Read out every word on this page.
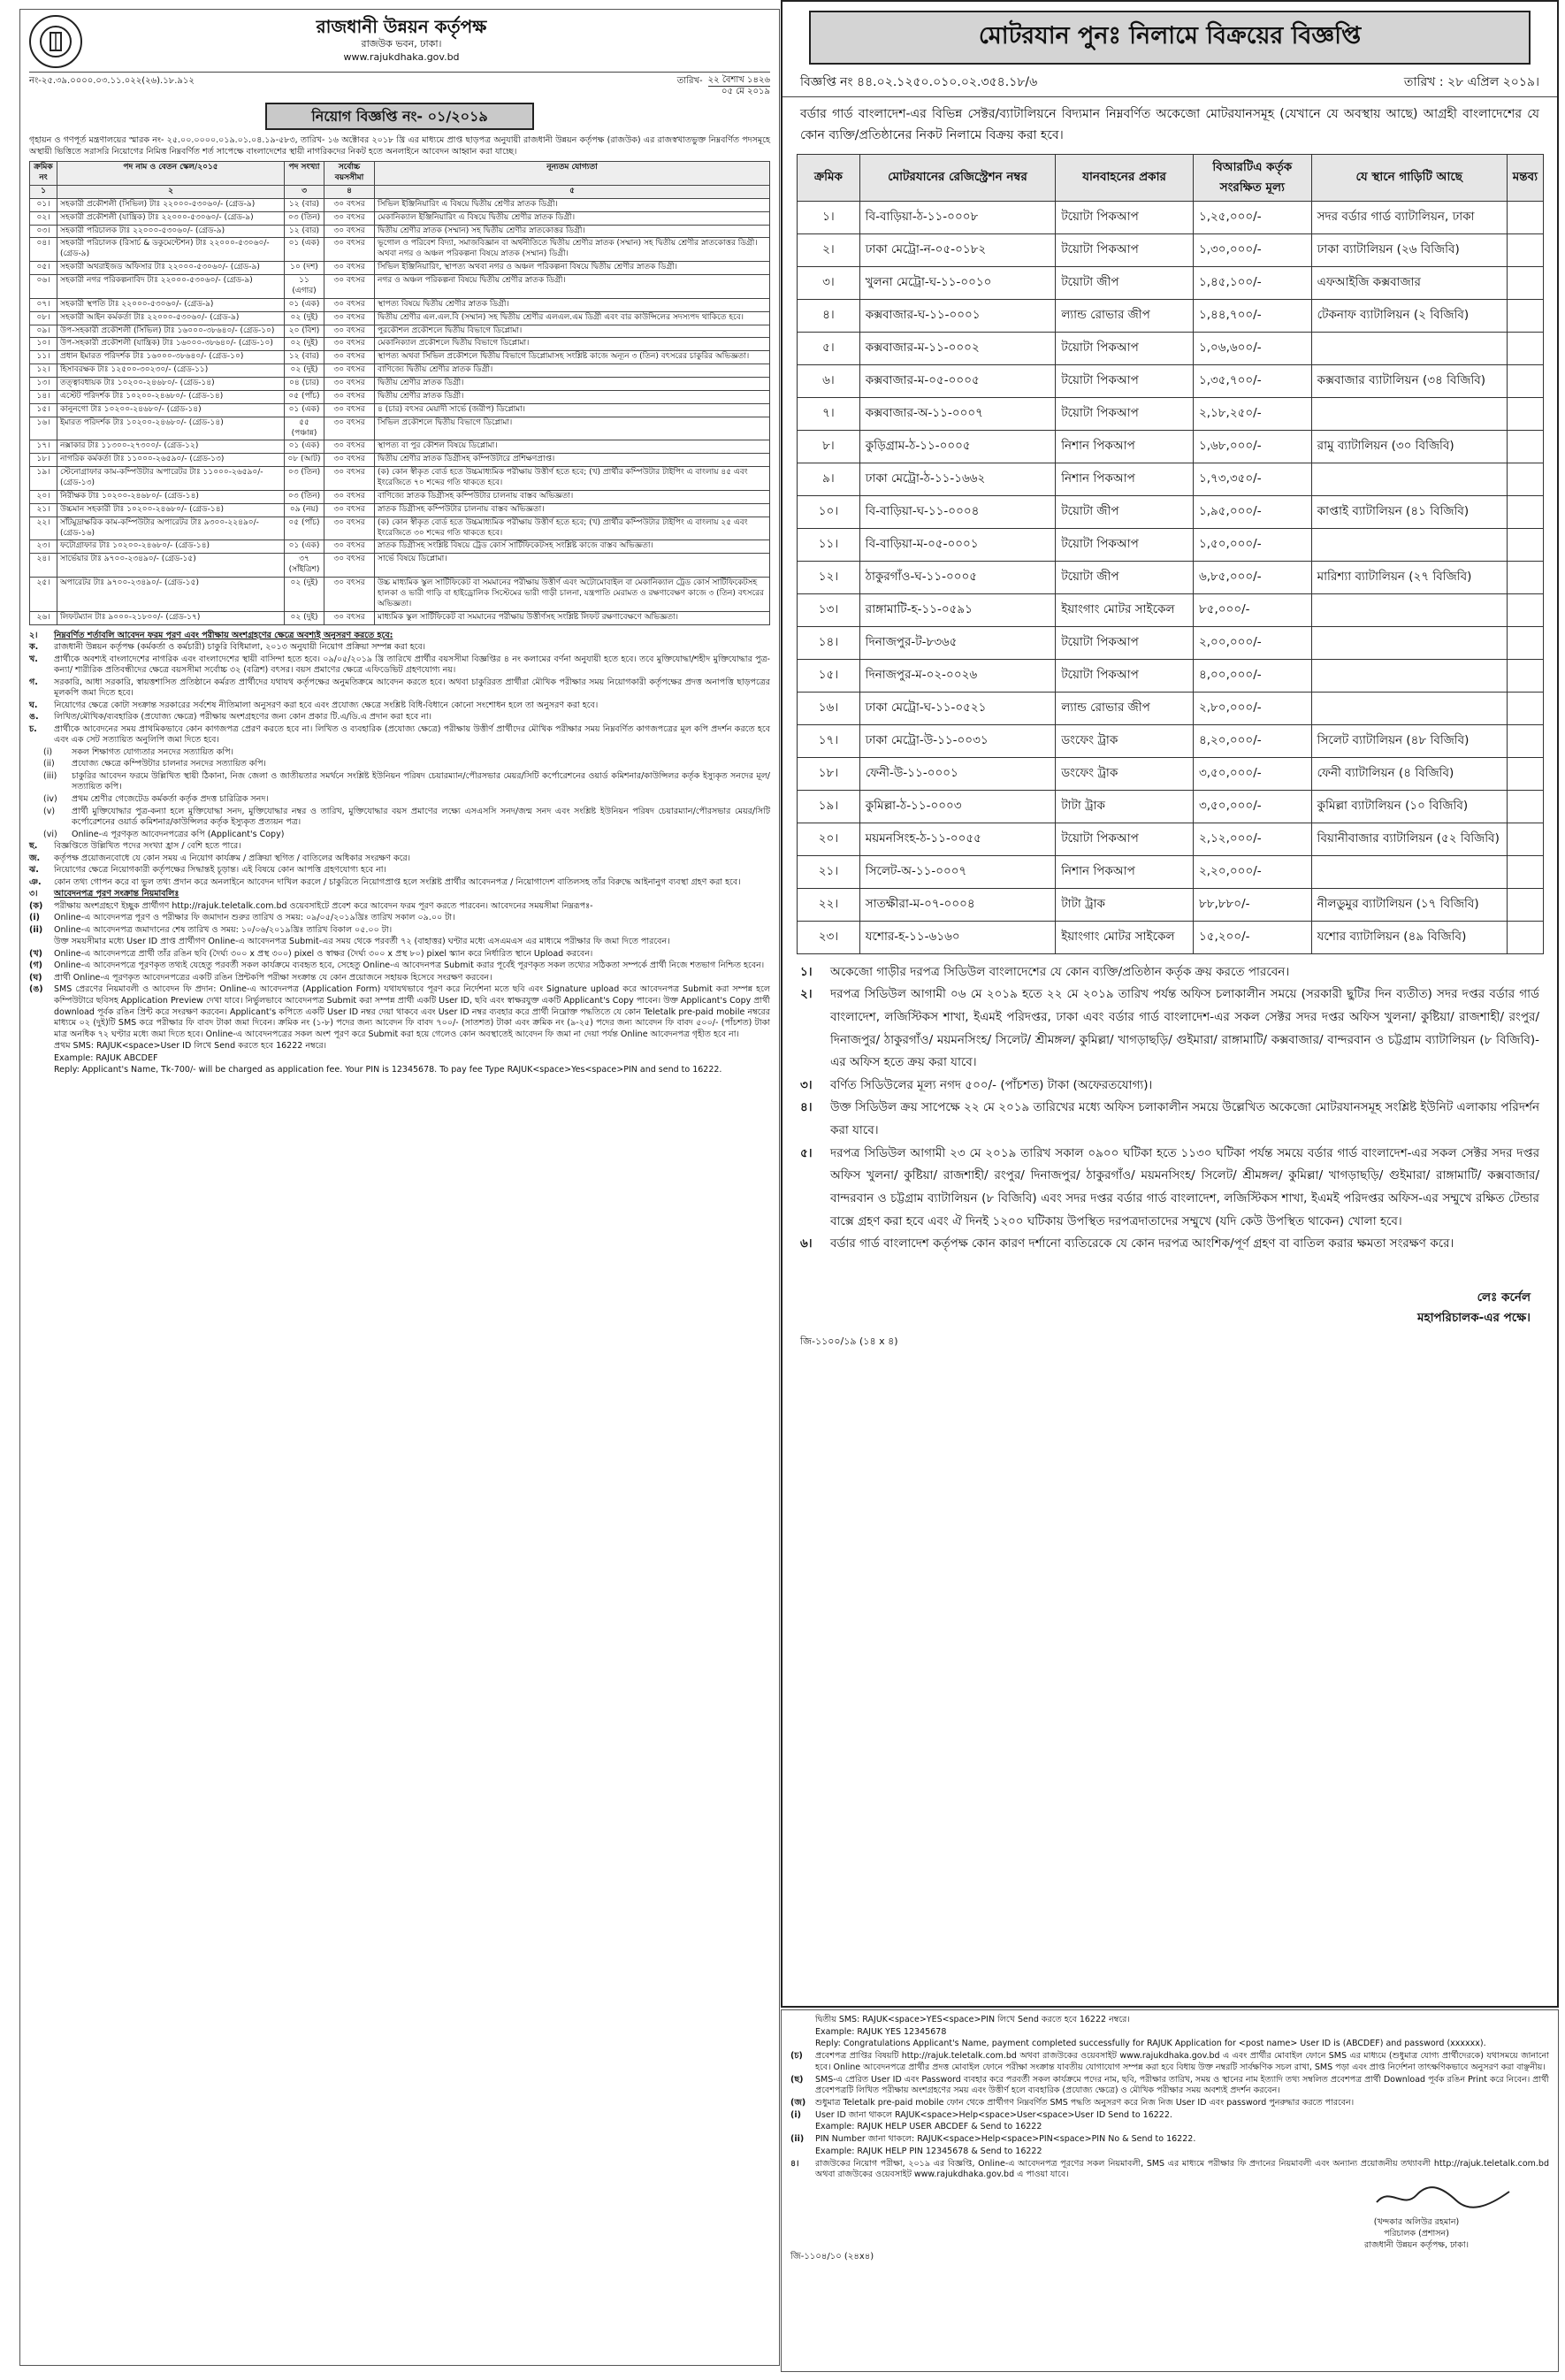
রাজধানী উন্নয়ন কর্তৃপক্ষ
রাজউক ভবন, ঢাকা।
www.rajukdhaka.gov.bd
নং-২৫.৩৯.০০০০.০৩.১১.০২২(২৬).১৮.৯১২	তারিখ- ২২ বৈশাখ ১৪২৬
০৫ মে ২০১৯
নিয়োগ বিজ্ঞপ্তি নং- ০১/২০১৯
গৃহায়ন ও গণপূর্ত মন্ত্রণালয়ের স্মারক নং- ২৫.০০.০০০০.০১৯.০১.০৪.১৯-৫৮৩, তারিখ- ১৬ অক্টোবর ২০১৮ খ্রি এর মাধ্যমে প্রাপ্ত ছাড়পত্র অনুযায়ী রাজধানী উন্নয়ন কর্তৃপক্ষ (রাজউক) এর রাজস্বখাতভুক্ত নিম্নবর্ণিত পদসমূহে অস্থায়ী ভিত্তিতে সরাসরি নিয়োগের নিমিত্ত নিম্নবর্ণিত শর্ত সাপেক্ষে বাংলাদেশের স্থায়ী নাগরিকদের নিকট হতে অনলাইনে আবেদন আহ্বান করা যাচ্ছে।
ক্রমিক নং	পদ নাম ও বেতন স্কেল/২০১৫	পদ সংখ্যা	সর্বোচ্চ বয়সসীমা	নূন্যতম যোগ্যতা
১	২	৩	৪	৫
০১।	সহকারী প্রকৌশলী (সিভিল) টাঃ ২২০০০-৫৩০৬০/- (গ্রেড-৯)	১২ (বার)	৩০ বৎসর	সিভিল ইঞ্জিনিয়ারিং এ বিষয়ে দ্বিতীয় শ্রেণীর স্নাতক ডিগ্রী।
০২।	সহকারী প্রকৌশলী (যান্ত্রিক) টাঃ ২২০০০-৫৩০৬০/- (গ্রেড-৯)	০৩ (তিন)	৩০ বৎসর	মেকানিক্যাল ইঞ্জিনিয়ারিং এ বিষয়ে দ্বিতীয় শ্রেণীর স্নাতক ডিগ্রী।
০৩।	সহকারী পরিচালক টাঃ ২২০০০-৫৩০৬০/- (গ্রেড-৯)	১২ (বার)	৩০ বৎসর	দ্বিতীয় শ্রেণীর স্নাতক (সম্মান) সহ দ্বিতীয় শ্রেণীর স্নাতকোত্তর ডিগ্রী।
০৪।	সহকারী পরিচালক (রিসার্চ & ডকুমেন্টেশন) টাঃ ২২০০০-৫৩০৬০/- (গ্রেড-৯)	০১ (এক)	৩০ বৎসর	ভূগোল ও পরিবেশ বিদ্যা, সমাজবিজ্ঞান বা অর্থনীতিতে দ্বিতীয় শ্রেণীর স্নাতক (সম্মান) সহ দ্বিতীয় শ্রেণীর স্নাতকোত্তর ডিগ্রী। অথবা নগর ও অঞ্চল পরিকল্পনা বিষয়ে স্নাতক (সম্মান) ডিগ্রী।
০৫।	সহকারী অথরাইজড অফিসার টাঃ ২২০০০-৫৩০৬০/- (গ্রেড-৯)	১০ (দশ)	৩০ বৎসর	সিভিল ইঞ্জিনিয়ারিং, স্থাপত্য অথবা নগর ও অঞ্চল পরিকল্পনা বিষয়ে দ্বিতীয় শ্রেণীর স্নাতক ডিগ্রী।
০৬।	সহকারী নগর পরিকল্পনাবিদ টাঃ ২২০০০-৫৩০৬০/- (গ্রেড-৯)	১১ (এগার)	৩০ বৎসর	নগর ও অঞ্চল পরিকল্পনা বিষয়ে দ্বিতীয় শ্রেণীর স্নাতক ডিগ্রী।
০৭।	সহকারী স্থপতি টাঃ ২২০০০-৫৩০৬০/- (গ্রেড-৯)	০১ (এক)	৩০ বৎসর	স্থাপত্য বিষয়ে দ্বিতীয় শ্রেণীর স্নাতক ডিগ্রী।
০৮।	সহকারী আইন কর্মকর্তা টাঃ ২২০০০-৫৩০৬০/- (গ্রেড-৯)	০২ (দুই)	৩০ বৎসর	দ্বিতীয় শ্রেণীর এল.এল.বি (সম্মান) সহ দ্বিতীয় শ্রেণীর এলএল.এম ডিগ্রী এবং বার কাউন্সিলের সদস্যপদ থাকিতে হবে।
০৯।	উপ-সহকারী প্রকৌশলী (সিভিল) টাঃ ১৬০০০-৩৮৬৪০/- (গ্রেড-১০)	২০ (বিশ)	৩০ বৎসর	পুরকৌশল প্রকৌশলে দ্বিতীয় বিভাগে ডিপ্লোমা।
১০।	উপ-সহকারী প্রকৌশলী (যান্ত্রিক) টাঃ ১৬০০০-৩৮৬৪০/- (গ্রেড-১০)	০২ (দুই)	৩০ বৎসর	মেকানিক্যাল প্রকৌশলে দ্বিতীয় বিভাগে ডিপ্লোমা।
১১।	প্রধান ইমারত পরিদর্শক টাঃ ১৬০০০-৩৮৬৪০/- (গ্রেড-১০)	১২ (বার)	৩০ বৎসর	স্থাপত্য অথবা সিভিল প্রকৌশলে দ্বিতীয় বিভাগে ডিপ্লোমাসহ সংশ্লিষ্ট কাজে অন্যূন ৩ (তিন) বৎসরের চাকুরির অভিজ্ঞতা।
১২।	হিসাবরক্ষক টাঃ ১২৫০০-৩০২৩০/- (গ্রেড-১১)	০২ (দুই)	৩০ বৎসর	বাণিজ্যে দ্বিতীয় শ্রেণীর স্নাতক ডিগ্রী।
১৩।	তত্ত্বাবধায়ক টাঃ ১০২০০-২৪৬৮০/- (গ্রেড-১৪)	০৪ (চার)	৩০ বৎসর	দ্বিতীয় শ্রেণীর স্নাতক ডিগ্রী।
১৪।	এস্টেট পরিদর্শক টাঃ ১০২০০-২৪৬৮০/- (গ্রেড-১৪)	০৫ (পাঁচ)	৩০ বৎসর	দ্বিতীয় শ্রেণীর স্নাতক ডিগ্রী।
১৫।	কানুনগো টাঃ ১০২০০-২৪৬৮০/- (গ্রেড-১৪)	০১ (এক)	৩০ বৎসর	৪ (চার) বৎসর মেয়াদী সার্ভে (জরীপ) ডিপ্লোমা।
১৬।	ইমারত পরিদর্শক টাঃ ১০২০০-২৪৬৮০/- (গ্রেড-১৪)	৫৫ (পঞ্চান্ন)	৩০ বৎসর	সিভিল প্রকৌশলে দ্বিতীয় বিভাগে ডিপ্লোমা।
১৭।	নক্সাকার টাঃ ১১৩০০-২৭৩০০/- (গ্রেড-১২)	০১ (এক)	৩০ বৎসর	স্থাপত্য বা পুর কৌশল বিষয়ে ডিপ্লোমা।
১৮।	নাগরিক কর্মকর্তা টাঃ ১১০০০-২৬৫৯০/- (গ্রেড-১৩)	০৮ (আট)	৩০ বৎসর	দ্বিতীয় শ্রেণীর স্নাতক ডিগ্রীসহ কম্পিউটারে প্রশিক্ষণপ্রাপ্ত।
১৯।	স্টেনোগ্রাফার কাম-কম্পিউটার অপারেটর টাঃ ১১০০০-২৬৫৯০/- (গ্রেড-১৩)	০৩ (তিন)	৩০ বৎসর	(ক) কোন স্বীকৃত বোর্ড হতে উচ্চমাধ্যমিক পরীক্ষায় উত্তীর্ণ হতে হবে; (খ) প্রার্থীর কম্পিউটার টাইপিং এ বাংলায় ৪৫ এবং ইংরেজিতে ৭০ শব্দের গতি থাকতে হবে।
২০।	নিরীক্ষক টাঃ ১০২০০-২৪৬৮০/- (গ্রেড-১৪)	০৩ (তিন)	৩০ বৎসর	বাণিজ্যে স্নাতক ডিগ্রীসহ কম্পিউটার চালনায় বাস্তব অভিজ্ঞতা।
২১।	উচ্চমান সহকারী টাঃ ১০২০০-২৪৬৮০/- (গ্রেড-১৪)	০৯ (নয়)	৩০ বৎসর	স্নাতক ডিগ্রীসহ কম্পিউটার চালনায় বাস্তব অভিজ্ঞতা।
২২।	সাঁটমুদ্রাক্ষরিক কাম-কম্পিউটার অপারেটর টাঃ ৯৩০০-২২৪৯০/- (গ্রেড-১৬)	০৫ (পাঁচ)	৩০ বৎসর	(ক) কোন স্বীকৃত বোর্ড হতে উচ্চমাধ্যমিক পরীক্ষায় উত্তীর্ণ হতে হবে; (খ) প্রার্থীর কম্পিউটার টাইপিং এ বাংলায় ২৫ এবং ইংরেজিতে ৩০ শব্দের গতি থাকতে হবে।
২৩।	ফটোগ্রাফার টাঃ ১০২০০-২৪৬৮০/- (গ্রেড-১৪)	০১ (এক)	৩০ বৎসর	স্নাতক ডিগ্রীসহ সংশ্লিষ্ট বিষয়ে ট্রেড কোর্স সার্টিফিকেটসহ সংশ্লিষ্ট কাজে বাস্তব অভিজ্ঞতা।
২৪।	সার্ভেয়ার টাঃ ৯৭০০-২৩৪৯০/- (গ্রেড-১৫)	৩৭ (সাঁইত্রিশ)	৩০ বৎসর	সার্ভে বিষয়ে ডিপ্লোমা।
২৫।	অপারেটর টাঃ ৯৭০০-২৩৪৯০/- (গ্রেড-১৫)	০২ (দুই)	৩০ বৎসর	উচ্চ মাধ্যমিক স্কুল সার্টিফিকেট বা সমমানের পরীক্ষায় উত্তীর্ণ এবং অটোমোবাইল বা মেকানিক্যাল ট্রেড কোর্স সার্টিফিকেটসহ হালকা ও ভারী গাড়ি বা হাইড্রোলিক সিস্টেমের ভারী গাড়ী চালনা, যন্ত্রপাতি মেরামত ও রক্ষণাবেক্ষণ কাজে ৩ (তিন) বৎসরের অভিজ্ঞতা।
২৬।	লিফটম্যান টাঃ ৯০০০-২১৮০০/- (গ্রেড-১৭)	০২ (দুই)	৩০ বৎসর	মাধ্যমিক স্কুল সার্টিফিকেট বা সমমানের পরীক্ষায় উত্তীর্ণসহ সংশ্লিষ্ট লিফট রক্ষণাবেক্ষণে অভিজ্ঞতা।
২।	নিম্নবর্ণিত শর্তাবলি আবেদন ফরম পূরণ এবং পরীক্ষায় অংশগ্রহণের ক্ষেত্রে অবশ্যই অনুসরণ করতে হবে:
ক.	রাজধানী উন্নয়ন কর্তৃপক্ষ (কর্মকর্তা ও কর্মচারী) চাকুরি বিধিমালা, ২০১৩ অনুযায়ী নিয়োগ প্রক্রিয়া সম্পন্ন করা হবে।
খ.	প্রার্থীকে অবশ্যই বাংলাদেশের নাগরিক এবং বাংলাদেশের স্থায়ী বাসিন্দা হতে হবে। ০৯/০৫/২০১৯ খ্রি তারিখে প্রার্থীর বয়সসীমা বিজ্ঞপ্তির ৪ নং কলামের বর্ণনা অনুযায়ী হতে হবে। তবে মুক্তিযোদ্ধা/শহীদ মুক্তিযোদ্ধার পুত্র-কন্যা/ শারীরিক প্রতিবন্ধীদের ক্ষেত্রে বয়সসীমা সর্বোচ্চ ৩২ (বত্রিশ) বৎসর। বয়স প্রমাণের ক্ষেত্রে এফিডেভিট গ্রহণযোগ্য নয়।
গ.	সরকারি, আধা সরকারি, স্বায়ত্তশাসিত প্রতিষ্ঠানে কর্মরত প্রার্থীদের যথাযথ কর্তৃপক্ষের অনুমতিক্রমে আবেদন করতে হবে। অথবা চাকুরিরত প্রার্থীরা মৌখিক পরীক্ষার সময় নিয়োগকারী কর্তৃপক্ষের প্রদত্ত অনাপত্তি ছাড়পত্রের মূলকপি জমা দিতে হবে।
ঘ.	নিয়োগের ক্ষেত্রে কোটা সংক্রান্ত সরকারের সর্বশেষ নীতিমালা অনুসরণ করা হবে এবং প্রযোজ্য ক্ষেত্রে সংশ্লিষ্ট বিধি-বিধানে কোনো সংশোধন হলে তা অনুসরণ করা হবে।
ঙ.	লিখিত/মৌখিক/ব্যবহারিক (প্রযোজ্য ক্ষেত্রে) পরীক্ষায় অংশগ্রহণের জন্য কোন প্রকার টি.এ/ডি.এ প্রদান করা হবে না।
চ.	প্রার্থীকে আবেদনের সময় প্রাথমিকভাবে কোন কাগজপত্র প্রেরণ করতে হবে না। লিখিত ও ব্যবহারিক (প্রযোজ্য ক্ষেত্রে) পরীক্ষায় উত্তীর্ণ প্রার্থীদের মৌখিক পরীক্ষার সময় নিম্নবর্ণিত কাগজপত্রের মূল কপি প্রদর্শন করতে হবে এবং এক সেট সত্যায়িত অনুলিপি জমা দিতে হবে।
(i)	সকল শিক্ষাগত যোগ্যতার সনদের সত্যায়িত কপি।
(ii)	প্রযোজ্য ক্ষেত্রে কম্পিউটার চালনার সনদের সত্যায়িত কপি।
(iii)	চাকুরির আবেদন ফরমে উল্লিখিত স্থায়ী ঠিকানা, নিজ জেলা ও জাতীয়তার সমর্থনে সংশ্লিষ্ট ইউনিয়ন পরিষদ চেয়ারম্যান/পৌরসভার মেয়র/সিটি কর্পোরেশনের ওয়ার্ড কমিশনার/কাউন্সিলর কর্তৃক ইস্যুকৃত সনদের মূল/সত্যায়িত কপি।
(iv)	প্রথম শ্রেণীর গেজেটেড কর্মকর্তা কর্তৃক প্রদত্ত চারিত্রিক সনদ।
(v)	প্রার্থী মুক্তিযোদ্ধার পুত্র-কন্যা হলে মুক্তিযোদ্ধা সনদ, মুক্তিযোদ্ধার নম্বর ও তারিখ, মুক্তিযোদ্ধার বয়স প্রমাণের লক্ষ্যে এসএসসি সনদ/জন্ম সনদ এবং সংশ্লিষ্ট ইউনিয়ন পরিষদ চেয়ারম্যান/পৌরসভার মেয়র/সিটি কর্পোরেশনের ওয়ার্ড কমিশনার/কাউন্সিলর কর্তৃক ইস্যুকৃত প্রত্যয়ন পত্র।
(vi)	Online-এ পূরণকৃত আবেদনপত্রের কপি (Applicant's Copy)
ছ.	বিজ্ঞপ্তিতে উল্লিখিত পদের সংখ্যা হ্রাস / বেশি হতে পারে।
জ.	কর্তৃপক্ষ প্রয়োজনবোধে যে কোন সময় এ নিয়োগ কার্যক্রম / প্রক্রিয়া স্থগিত / বাতিলের অধিকার সংরক্ষণ করে।
ঝ.	নিয়োগের ক্ষেত্রে নিয়োগকারী কর্তৃপক্ষের সিদ্ধান্তই চূড়ান্ত। এই বিষয়ে কোন আপত্তি গ্রহণযোগ্য হবে না।
ঞ.	কোন তথ্য গোপন করে বা ভুল তথ্য প্রদান করে অনলাইনে আবেদন দাখিল করলে / চাকুরিতে নিয়োগপ্রাপ্ত হলে সংশ্লিষ্ট প্রার্থীর আবেদনপত্র / নিয়োগাদেশ বাতিলসহ তাঁর বিরুদ্ধে আইনানুগ ব্যবস্থা গ্রহণ করা হবে।
৩।	আবেদনপত্র পূরণ সংক্রান্ত নিয়মাবলিঃ
(ক)	পরীক্ষায় অংশগ্রহণে ইচ্ছুক প্রার্থীগণ http://rajuk.teletalk.com.bd ওয়েবসাইটে প্রবেশ করে আবেদন ফরম পূরণ করতে পারবেন। আবেদনের সময়সীমা নিম্নরূপঃ-
(i)	Online-এ আবেদনপত্র পূরণ ও পরীক্ষার ফি জমাদান শুরুর তারিখ ও সময়: ০৯/০৫/২০১৯খ্রিঃ তারিখ সকাল ০৯.০০ টা।
(ii)	Online-এ আবেদনপত্র জমাদানের শেষ তারিখ ও সময়: ১০/০৬/২০১৯খ্রিঃ তারিখ বিকাল ০৫.০০ টা।
উক্ত সময়সীমার মধ্যে User ID প্রাপ্ত প্রার্থীগণ Online-এ আবেদনপত্র Submit-এর সময় থেকে পরবর্তী ৭২ (বাহাত্তর) ঘণ্টার মধ্যে এসএমএস এর মাধ্যমে পরীক্ষার ফি জমা দিতে পারবেন।
(খ)	Online-এ আবেদনপত্রে প্রার্থী তাঁর রঙিন ছবি (দৈর্ঘ্য ৩০০ x প্রস্থ ৩০০) pixel ও স্বাক্ষর (দৈর্ঘ্য ৩০০ x প্রস্থ ৮০) pixel স্ক্যান করে নির্ধারিত স্থানে Upload করবেন।
(গ)	Online-এ আবেদনপত্রে পূরণকৃত তথ্যই যেহেতু পরবর্তী সকল কার্যক্রমে ব্যবহৃত হবে, সেহেতু Online-এ আবেদনপত্র Submit করার পূর্বেই পূরণকৃত সকল তথ্যের সঠিকতা সম্পর্কে প্রার্থী নিজে শতভাগ নিশ্চিত হবেন।
(ঘ)	প্রার্থী Online-এ পূরণকৃত আবেদনপত্রের একটি রঙিন প্রিন্টকপি পরীক্ষা সংক্রান্ত যে কোন প্রয়োজনে সহায়ক হিসেবে সংরক্ষণ করবেন।
(ঙ)	SMS প্রেরণের নিয়মাবলী ও আবেদন ফি প্রদান: Online-এ আবেদনপত্র (Application Form) যথাযথভাবে পূরণ করে নির্দেশনা মতে ছবি এবং Signature upload করে আবেদনপত্র Submit করা সম্পন্ন হলে কম্পিউটারে ছবিসহ Application Preview দেখা যাবে। নির্ভুলভাবে আবেদনপত্র Submit করা সম্পন্ন প্রার্থী একটি User ID, ছবি এবং স্বাক্ষরযুক্ত একটি Applicant's Copy পাবেন। উক্ত Applicant's Copy প্রার্থী download পূর্বক রঙিন প্রিন্ট করে সংরক্ষণ করবেন। Applicant's কপিতে একটি User ID নম্বর দেয়া থাকবে এবং User ID নম্বর ব্যবহার করে প্রার্থী নিম্নোক্ত পদ্ধতিতে যে কোন Teletalk pre-paid mobile নম্বরের মাধ্যমে ০২ (দুই)টি SMS করে পরীক্ষার ফি বাবদ টাকা জমা দিবেন। ক্রমিক নং (১-৮) পদের জন্য আবেদন ফি বাবদ ৭০০/- (সাতশত) টাকা এবং ক্রমিক নং (৯-২৫) পদের জন্য আবেদন ফি বাবদ ৫০০/- (পাঁচশত) টাকা মাত্র অনধিক ৭২ ঘণ্টার মধ্যে জমা দিতে হবে। Online-এ আবেদনপত্রের সকল অংশ পূরণ করে Submit করা হয়ে গেলেও কোন অবস্থাতেই আবেদন ফি জমা না দেয়া পর্যন্ত Online আবেদনপত্র গৃহীত হবে না।
প্রথম SMS: RAJUK<space>User ID লিখে Send করতে হবে 16222 নম্বরে।
Example: RAJUK ABCDEF
Reply: Applicant's Name, Tk-700/- will be charged as application fee. Your PIN is 12345678. To pay fee Type RAJUK<space>Yes<space>PIN and send to 16222.
মোটরযান পুনঃ নিলামে বিক্রয়ের বিজ্ঞপ্তি
বিজ্ঞপ্তি নং ৪৪.০২.১২৫০.০১০.০২.৩৫৪.১৮/৬	তারিখ : ২৮ এপ্রিল ২০১৯।
বর্ডার গার্ড বাংলাদেশ-এর বিভিন্ন সেক্টর/ব্যাটালিয়নে বিদ্যমান নিম্নবর্ণিত অকেজো মোটরযানসমূহ (যেখানে যে অবস্থায় আছে) আগ্রহী বাংলাদেশের যে কোন ব্যক্তি/প্রতিষ্ঠানের নিকট নিলামে বিক্রয় করা হবে।
ক্রমিক	মোটরযানের রেজিস্ট্রেশন নম্বর	যানবাহনের প্রকার	বিআরটিএ কর্তৃক সংরক্ষিত মূল্য	যে স্থানে গাড়িটি আছে	মন্তব্য
১।	বি-বাড়িয়া-ঠ-১১-০০০৮	টয়োটা পিকআপ	১,২৫,০০০/-	সদর বর্ডার গার্ড ব্যাটালিয়ন, ঢাকা	
২।	ঢাকা মেট্রো-ন-০৫-০১৮২	টয়োটা পিকআপ	১,৩০,০০০/-	ঢাকা ব্যাটালিয়ন (২৬ বিজিবি)	
৩।	খুলনা মেট্রো-ঘ-১১-০০১০	টয়োটা জীপ	১,৪৫,১০০/-	এফআইজি কক্সবাজার	
৪।	কক্সবাজার-ঘ-১১-০০০১	ল্যান্ড রোভার জীপ	১,৪৪,৭০০/-	টেকনাফ ব্যাটালিয়ন (২ বিজিবি)	
৫।	কক্সবাজার-ম-১১-০০০২	টয়োটা পিকআপ	১,০৬,৬০০/-		
৬।	কক্সবাজার-ম-০৫-০০০৫	টয়োটা পিকআপ	১,৩৫,৭০০/-	কক্সবাজার ব্যাটালিয়ন (৩৪ বিজিবি)	
৭।	কক্সবাজার-অ-১১-০০০৭	টয়োটা পিকআপ	২,১৮,২৫০/-		
৮।	কুড়িগ্রাম-ঠ-১১-০০০৫	নিশান পিকআপ	১,৬৮,০০০/-	রামু ব্যাটালিয়ন (৩০ বিজিবি)	
৯।	ঢাকা মেট্রো-ঠ-১১-১৬৬২	নিশান পিকআপ	১,৭৩,৩৫০/-		
১০।	বি-বাড়িয়া-ঘ-১১-০০০৪	টয়োটা জীপ	১,৯৫,০০০/-	কাপ্তাই ব্যাটালিয়ন (৪১ বিজিবি)	
১১।	বি-বাড়িয়া-ম-০৫-০০০১	টয়োটা পিকআপ	১,৫০,০০০/-		
১২।	ঠাকুরগাঁও-ঘ-১১-০০০৫	টয়োটা জীপ	৬,৮৫,০০০/-	মারিশ্যা ব্যাটালিয়ন (২৭ বিজিবি)	
১৩।	রাঙ্গামাটি-হ-১১-০৫৯১	ইয়াংগাং মোটর সাইকেল	৮৫,০০০/-		
১৪।	দিনাজপুর-ট-৮৩৬৫	টয়োটা পিকআপ	২,০০,০০০/-		
১৫।	দিনাজপুর-ম-০২-০০২৬	টয়োটা পিকআপ	৪,০০,০০০/-		
১৬।	ঢাকা মেট্রো-ঘ-১১-০৫২১	ল্যান্ড রোভার জীপ	২,৮০,০০০/-		
১৭।	ঢাকা মেট্রো-উ-১১-০০৩১	ডংফেং ট্রাক	৪,২০,০০০/-	সিলেট ব্যাটালিয়ন (৪৮ বিজিবি)	
১৮।	ফেনী-উ-১১-০০০১	ডংফেং ট্রাক	৩,৫০,০০০/-	ফেনী ব্যাটালিয়ন (৪ বিজিবি)	
১৯।	কুমিল্লা-ঠ-১১-০০০৩	টাটা ট্রাক	৩,৫০,০০০/-	কুমিল্লা ব্যাটালিয়ন (১০ বিজিবি)	
২০।	ময়মনসিংহ-ঠ-১১-০০৫৫	টয়োটা পিকআপ	২,১২,০০০/-	বিয়ানীবাজার ব্যাটালিয়ন (৫২ বিজিবি)	
২১।	সিলেট-অ-১১-০০০৭	নিশান পিকআপ	২,২০,০০০/-		
২২।	সাতক্ষীরা-ম-০৭-০০০৪	টাটা ট্রাক	৮৮,৮৮০/-	নীলডুমুর ব্যাটালিয়ন (১৭ বিজিবি)	
২৩।	যশোর-হ-১১-৬১৬০	ইয়াংগাং মোটর সাইকেল	১৫,২০০/-	যশোর ব্যাটালিয়ন (৪৯ বিজিবি)	
১।	অকেজো গাড়ীর দরপত্র সিডিউল বাংলাদেশের যে কোন ব্যক্তি/প্রতিষ্ঠান কর্তৃক ক্রয় করতে পারবেন।
২।	দরপত্র সিডিউল আগামী ০৬ মে ২০১৯ হতে ২২ মে ২০১৯ তারিখ পর্যন্ত অফিস চলাকালীন সময়ে (সরকারী ছুটির দিন ব্যতীত) সদর দপ্তর বর্ডার গার্ড বাংলাদেশ, লজিস্টিকস শাখা, ইএমই পরিদপ্তর, ঢাকা এবং বর্ডার গার্ড বাংলাদেশ-এর সকল সেক্টর সদর দপ্তর অফিস খুলনা/ কুষ্টিয়া/ রাজশাহী/ রংপুর/ দিনাজপুর/ ঠাকুরগাঁও/ ময়মনসিংহ/ সিলেট/ শ্রীমঙ্গল/ কুমিল্লা/ খাগড়াছড়ি/ গুইমারা/ রাঙ্গামাটি/ কক্সবাজার/ বান্দরবান ও চট্টগ্রাম ব্যাটালিয়ন (৮ বিজিবি)-এর অফিস হতে ক্রয় করা যাবে।
৩।	বর্ণিত সিডিউলের মূল্য নগদ ৫০০/- (পাঁচশত) টাকা (অফেরতযোগ্য)।
৪।	উক্ত সিডিউল ক্রয় সাপেক্ষে ২২ মে ২০১৯ তারিখের মধ্যে অফিস চলাকালীন সময়ে উল্লেখিত অকেজো মোটরযানসমূহ সংশ্লিষ্ট ইউনিট এলাকায় পরিদর্শন করা যাবে।
৫।	দরপত্র সিডিউল আগামী ২৩ মে ২০১৯ তারিখ সকাল ০৯০০ ঘটিকা হতে ১১৩০ ঘটিকা পর্যন্ত সময়ে বর্ডার গার্ড বাংলাদেশ-এর সকল সেক্টর সদর দপ্তর অফিস খুলনা/ কুষ্টিয়া/ রাজশাহী/ রংপুর/ দিনাজপুর/ ঠাকুরগাঁও/ ময়মনসিংহ/ সিলেট/ শ্রীমঙ্গল/ কুমিল্লা/ খাগড়াছড়ি/ গুইমারা/ রাঙ্গামাটি/ কক্সবাজার/ বান্দরবান ও চট্টগ্রাম ব্যাটালিয়ন (৮ বিজিবি) এবং সদর দপ্তর বর্ডার গার্ড বাংলাদেশ, লজিস্টিকস শাখা, ইএমই পরিদপ্তর অফিস-এর সম্মুখে রক্ষিত টেন্ডার বাক্সে গ্রহণ করা হবে এবং ঐ দিনই ১২০০ ঘটিকায় উপস্থিত দরপত্রদাতাদের সম্মুখে (যদি কেউ উপস্থিত থাকেন) খোলা হবে।
৬।	বর্ডার গার্ড বাংলাদেশ কর্তৃপক্ষ কোন কারণ দর্শানো ব্যতিরেকে যে কোন দরপত্র আংশিক/পূর্ণ গ্রহণ বা বাতিল করার ক্ষমতা সংরক্ষণ করে।
লেঃ কর্নেল
মহাপরিচালক-এর পক্ষে।
জি-১১০০/১৯ (১৪ x ৪)
দ্বিতীয় SMS: RAJUK<space>YES<space>PIN লিখে Send করতে হবে 16222 নম্বরে।
Example: RAJUK YES 12345678
Reply: Congratulations Applicant's Name, payment completed successfully for RAJUK Application for <post name> User ID is (ABCDEF) and password (xxxxxx).
(চ)	প্রবেশপত্র প্রাপ্তির বিষয়টি http://rajuk.teletalk.com.bd অথবা রাজউকের ওয়েবসাইট www.rajukdhaka.gov.bd এ এবং প্রার্থীর মোবাইল ফোনে SMS এর মাধ্যমে (শুধুমাত্র যোগ্য প্রার্থীদেরকে) যথাসময়ে জানানো হবে। Online আবেদনপত্রে প্রার্থীর প্রদত্ত মোবাইল ফোনে পরীক্ষা সংক্রান্ত যাবতীয় যোগাযোগ সম্পন্ন করা হবে বিধায় উক্ত নম্বরটি সার্বক্ষণিক সচল রাখা, SMS পড়া এবং প্রাপ্ত নির্দেশনা তাৎক্ষণিকভাবে অনুসরণ করা বাঞ্ছনীয়।
(ছ)	SMS-এ প্রেরিত User ID এবং Password ব্যবহার করে পরবর্তী সকল কার্যক্রমে পদের নাম, ছবি, পরীক্ষার তারিখ, সময় ও স্থানের নাম ইত্যাদি তথ্য সম্বলিত প্রবেশপত্র প্রার্থী Download পূর্বক রঙিন Print করে নিবেন। প্রার্থী প্রবেশপত্রটি লিখিত পরীক্ষায় অংশগ্রহণের সময় এবং উত্তীর্ণ হলে ব্যবহারিক (প্রযোজ্য ক্ষেত্রে) ও মৌখিক পরীক্ষার সময় অবশ্যই প্রদর্শন করবেন।
(জ)	শুধুমাত্র Teletalk pre-paid mobile ফোন থেকে প্রার্থীগণ নিম্নবর্ণিত SMS পদ্ধতি অনুসরণ করে নিজ নিজ User ID এবং password পুনরুদ্ধার করতে পারবেন।
(i)	User ID জানা থাকলে RAJUK<space>Help<space>User<space>User ID Send to 16222.
Example: RAJUK HELP USER ABCDEF & Send to 16222
(ii)	PIN Number জানা থাকলে: RAJUK<space>Help<space>PIN<space>PIN No & Send to 16222.
Example: RAJUK HELP PIN 12345678 & Send to 16222
৪।	রাজউকের নিয়োগ পরীক্ষা, ২০১৯ এর বিজ্ঞপ্তি, Online-এ আবেদনপত্র পূরণের সকল নিয়মাবলী, SMS এর মাধ্যমে পরীক্ষার ফি প্রদানের নিয়মাবলী এবং অন্যান্য প্রয়োজনীয় তথ্যাবলী http://rajuk.teletalk.com.bd অথবা রাজউকের ওয়েবসাইট www.rajukdhaka.gov.bd এ পাওয়া যাবে।
(খন্দকার অলিউর রহমান)
পরিচালক (প্রশাসন)
রাজধানী উন্নয়ন কর্তৃপক্ষ, ঢাকা।
জি-১১০৪/১০ (২৪x৪)
